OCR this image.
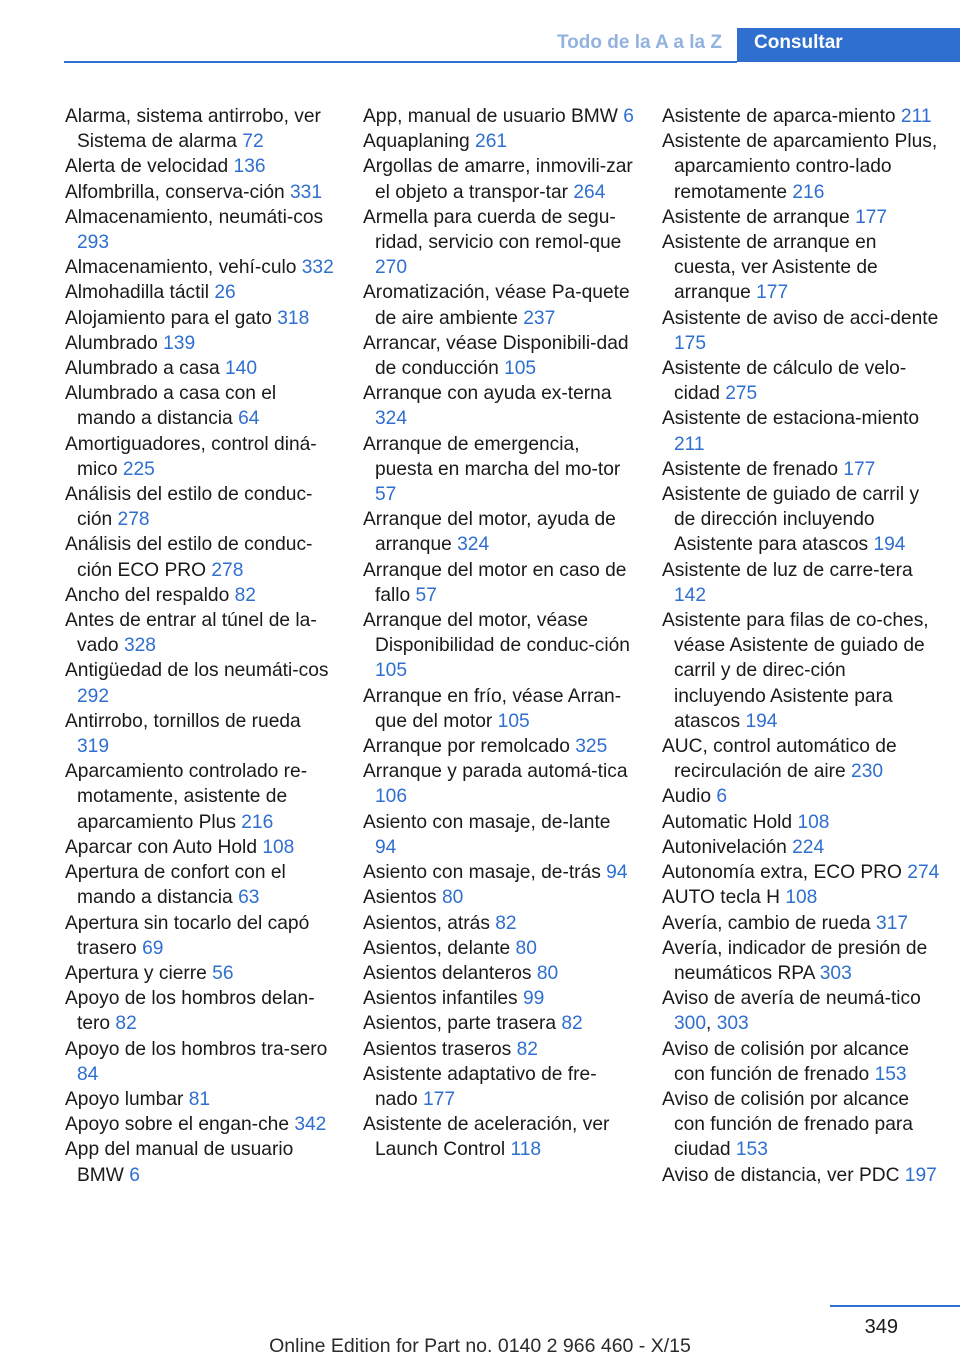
Todo de la A a la Z	Consultar

Alarma, sistema antirrobo, ver Sistema de alarma 72

Alerta de velocidad 136

Alfombrilla, conserva‐ción 331

Almacenamiento, neumáti‐cos 293

Almacenamiento, vehí‐culo 332

Almohadilla táctil 26

Alojamiento para el gato 318

Alumbrado 139

Alumbrado a casa 140

Alumbrado a casa con el mando a distancia 64

Amortiguadores, control diná‐mico 225

Análisis del estilo de conduc‐ción 278

Análisis del estilo de conduc‐ción ECO PRO 278

Ancho del respaldo 82

Antes de entrar al túnel de la‐vado 328

Antigüedad de los neumáti‐cos 292

Antirrobo, tornillos de rueda 319

Aparcamiento controlado re‐motamente, asistente de aparcamiento Plus 216

Aparcar con Auto Hold 108

Apertura de confort con el mando a distancia 63

Apertura sin tocarlo del capó trasero 69

Apertura y cierre 56

Apoyo de los hombros delan‐tero 82

Apoyo de los hombros tra‐sero 84

Apoyo lumbar 81

Apoyo sobre el engan‐che 342

App del manual de usuario BMW 6

App, manual de usuario BMW 6

Aquaplaning 261

Argollas de amarre, inmovili‐zar el objeto a transpor‐tar 264

Armella para cuerda de segu‐ridad, servicio con remol‐que 270

Aromatización, véase Pa‐quete de aire ambiente 237

Arrancar, véase Disponibili‐dad de conducción 105

Arranque con ayuda ex‐terna 324

Arranque de emergencia, puesta en marcha del mo‐tor 57

Arranque del motor, ayuda de arranque 324

Arranque del motor en caso de fallo 57

Arranque del motor, véase Disponibilidad de conduc‐ción 105

Arranque en frío, véase Arran‐que del motor 105

Arranque por remolcado 325

Arranque y parada automá‐tica 106

Asiento con masaje, de‐lante 94

Asiento con masaje, de‐trás 94

Asientos 80

Asientos, atrás 82

Asientos, delante 80

Asientos delanteros 80

Asientos infantiles 99

Asientos, parte trasera 82

Asientos traseros 82

Asistente adaptativo de fre‐nado 177

Asistente de aceleración, ver Launch Control 118

Asistente de aparca‐miento 211

Asistente de aparcamiento Plus, aparcamiento contro‐lado remotamente 216

Asistente de arranque 177

Asistente de arranque en cuesta, ver Asistente de arranque 177

Asistente de aviso de acci‐dente 175

Asistente de cálculo de velo‐cidad 275

Asistente de estaciona‐miento 211

Asistente de frenado 177

Asistente de guiado de carril y de dirección incluyendo Asistente para atascos 194

Asistente de luz de carre‐tera 142

Asistente para filas de co‐ches, véase Asistente de guiado de carril y de direc‐ción incluyendo Asistente para atascos 194

AUC, control automático de recirculación de aire 230

Audio 6

Automatic Hold 108

Autonivelación 224

Autonomía extra, ECO PRO 274

AUTO tecla H 108

Avería, cambio de rueda 317

Avería, indicador de presión de neumáticos RPA 303

Aviso de avería de neumá‐tico 300, 303

Aviso de colisión por alcance con función de frenado 153

Aviso de colisión por alcance con función de frenado para ciudad 153

Aviso de distancia, ver PDC 197

349
Online Edition for Part no. 0140 2 966 460 - X/15
